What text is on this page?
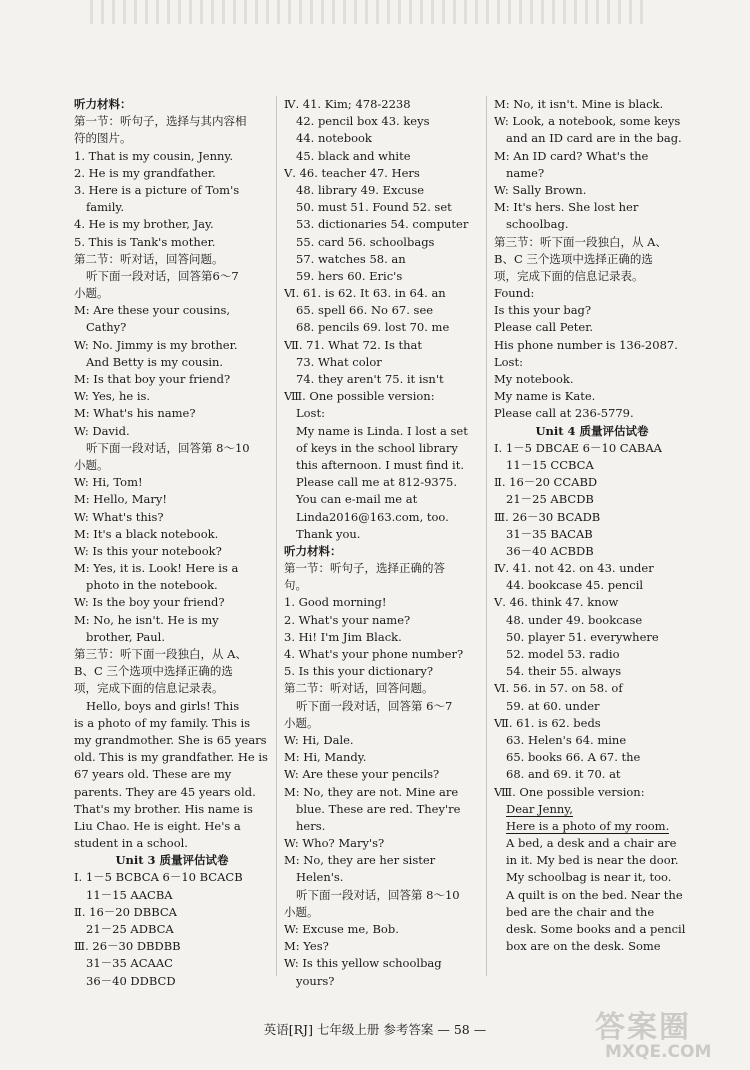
听力材料：
第一节：听句子，选择与其内容相
符的图片。
1. That is my cousin, Jenny.
2. He is my grandfather.
3. Here is a picture of Tom's
family.
4. He is my brother, Jay.
5. This is Tank's mother.
第二节：听对话，回答问题。
听下面一段对话，回答第6～7
小题。
M: Are these your cousins,
Cathy?
W: No. Jimmy is my brother.
And Betty is my cousin.
M: Is that boy your friend?
W: Yes, he is.
M: What's his name?
W: David.
听下面一段对话，回答第 8～10
小题。
W: Hi, Tom!
M: Hello, Mary!
W: What's this?
M: It's a black notebook.
W: Is this your notebook?
M: Yes, it is. Look! Here is a
photo in the notebook.
W: Is the boy your friend?
M: No, he isn't. He is my
brother, Paul.
第三节：听下面一段独白，从 A、
B、C 三个选项中选择正确的选
项，完成下面的信息记录表。
Hello, boys and girls! This
is a photo of my family. This is
my grandmother. She is 65 years
old. This is my grandfather. He is
67 years old. These are my
parents. They are 45 years old.
That's my brother. His name is
Liu Chao. He is eight. He's a
student in a school.
Unit 3 质量评估试卷
Ⅰ. 1－5 BCBCA 6－10 BCACB
11－15 AACBA
Ⅱ. 16－20 DBBCA
21－25 ADBCA
Ⅲ. 26－30 DBDBB
31－35 ACAAC
36－40 DDBCD
Ⅳ. 41. Kim; 478-2238
42. pencil box 43. keys
44. notebook
45. black and white
Ⅴ. 46. teacher 47. Hers
48. library 49. Excuse
50. must 51. Found 52. set
53. dictionaries 54. computer
55. card 56. schoolbags
57. watches 58. an
59. hers 60. Eric's
Ⅵ. 61. is 62. It 63. in 64. an
65. spell 66. No 67. see
68. pencils 69. lost 70. me
Ⅶ. 71. What 72. Is that
73. What color
74. they aren't 75. it isn't
Ⅷ. One possible version:
Lost:
My name is Linda. I lost a set
of keys in the school library
this afternoon. I must find it.
Please call me at 812-9375.
You can e-mail me at
Linda2016@163.com, too.
Thank you.
听力材料：
第一节：听句子，选择正确的答
句。
1. Good morning!
2. What's your name?
3. Hi! I'm Jim Black.
4. What's your phone number?
5. Is this your dictionary?
第二节：听对话，回答问题。
听下面一段对话，回答第 6～7
小题。
W: Hi, Dale.
M: Hi, Mandy.
W: Are these your pencils?
M: No, they are not. Mine are
blue. These are red. They're
hers.
W: Who? Mary's?
M: No, they are her sister
Helen's.
听下面一段对话，回答第 8～10
小题。
W: Excuse me, Bob.
M: Yes?
W: Is this yellow schoolbag
yours?
M: No, it isn't. Mine is black.
W: Look, a notebook, some keys
and an ID card are in the bag.
M: An ID card? What's the
name?
W: Sally Brown.
M: It's hers. She lost her
schoolbag.
第三节：听下面一段独白，从 A、
B、C 三个选项中选择正确的选
项，完成下面的信息记录表。
Found:
Is this your bag?
Please call Peter.
His phone number is 136-2087.
Lost:
My notebook.
My name is Kate.
Please call at 236-5779.
Unit 4 质量评估试卷
Ⅰ. 1－5 DBCAE 6－10 CABAA
11－15 CCBCA
Ⅱ. 16－20 CCABD
21－25 ABCDB
Ⅲ. 26－30 BCADB
31－35 BACAB
36－40 ACBDB
Ⅳ. 41. not 42. on 43. under
44. bookcase 45. pencil
Ⅴ. 46. think 47. know
48. under 49. bookcase
50. player 51. everywhere
52. model 53. radio
54. their 55. always
Ⅵ. 56. in 57. on 58. of
59. at 60. under
Ⅶ. 61. is 62. beds
63. Helen's 64. mine
65. books 66. A 67. the
68. and 69. it 70. at
Ⅷ. One possible version:
Dear Jenny,
Here is a photo of my room.
A bed, a desk and a chair are
in it. My bed is near the door.
My schoolbag is near it, too.
A quilt is on the bed. Near the
bed are the chair and the
desk. Some books and a pencil
box are on the desk. Some
英语[RJ] 七年级上册 参考答案 — 58 —	答案圈
MXQE.COM
